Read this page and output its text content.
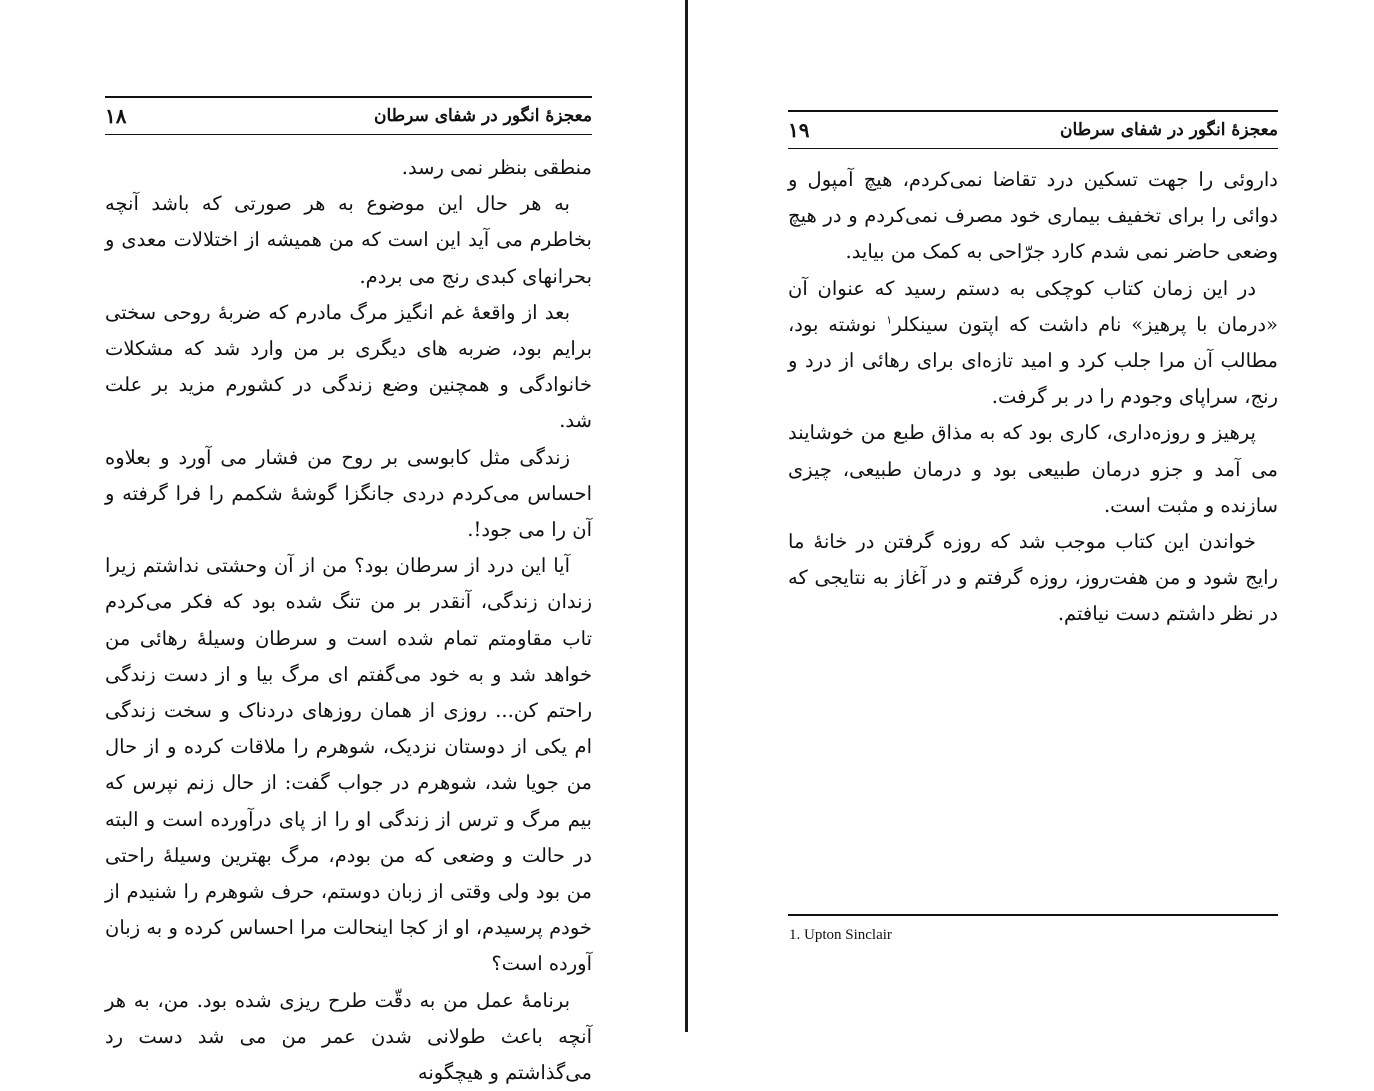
معجزهٔ انگور در شفای سرطان
۱۸

منطقی بنظر نمی رسد.

به هر حال این موضوع به هر صورتی که باشد آنچه بخاطرم می آید این است که من همیشه از اختلالات معدی و بحرانهای کبدی رنج می بردم.

بعد از واقعهٔ غم انگیز مرگ مادرم که ضربهٔ روحی سختی برایم بود، ضربه های دیگری بر من وارد شد که مشکلات خانوادگی و همچنین وضع زندگی در کشورم مزید بر علت شد.

زندگی مثل کابوسی بر روح من فشار می آورد و بعلاوه احساس می‌کردم دردی جانگزا گوشهٔ شکمم را فرا گرفته و آن را می جود!.

آیا این درد از سرطان بود؟ من از آن وحشتی نداشتم زیرا زندان زندگی، آنقدر بر من تنگ شده بود که فکر می‌کردم تاب مقاومتم تمام شده است و سرطان وسیلهٔ رهائی من خواهد شد و به خود می‌گفتم ای مرگ بیا و از دست زندگی راحتم کن... روزی از همان روزهای دردناک و سخت زندگی ام یکی از دوستان نزدیک، شوهرم را ملاقات کرده و از حال من جویا شد، شوهرم در جواب گفت: از حال زنم نپرس که بیم مرگ و ترس از زندگی او را از پای درآورده است و البته در حالت و وضعی که من بودم، مرگ بهترین وسیلهٔ راحتی من بود ولی وقتی از زبان دوستم، حرف شوهرم را شنیدم از خودم پرسیدم، او از کجا اینحالت مرا احساس کرده و به زبان آورده است؟

برنامهٔ عمل من به دقّت طرح ریزی شده بود. من، به هر آنچه باعث طولانی شدن عمر من می شد دست رد می‌گذاشتم و هیچگونه

معجزهٔ انگور در شفای سرطان
۱۹

داروئی را جهت تسکین درد تقاضا نمی‌کردم، هیچ آمپول و دوائی را برای تخفیف بیماری خود مصرف نمی‌کردم و در هیچ وضعی حاضر نمی شدم کارد جرّاحی به کمک من بیاید.

در این زمان کتاب کوچکی به دستم رسید که عنوان آن «درمان با پرهیز» نام داشت که اپتون سینکلر$^۱$ نوشته بود، مطالب آن مرا جلب کرد و امید تازه‌ای برای رهائی از درد و رنج، سراپای وجودم را در بر گرفت.

پرهیز و روزه‌داری، کاری بود که به مذاق طبع من خوشایند می آمد و جزو درمان طبیعی بود و درمان طبیعی، چیزی سازنده و مثبت است.

خواندن این کتاب موجب شد که روزه گرفتن در خانهٔ ما رایج شود و من هفت‌روز، روزه گرفتم و در آغاز به نتایجی که در نظر داشتم دست نیافتم.

1. Upton Sinclair
